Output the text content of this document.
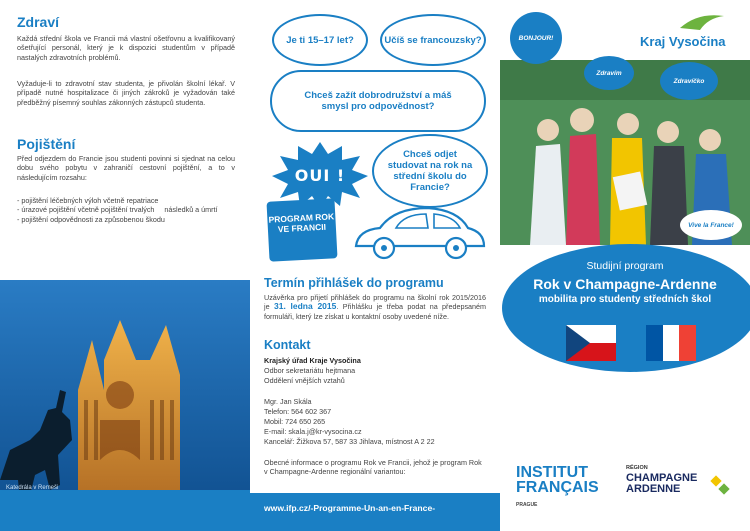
Zdraví

Každá střední škola ve Francii má vlastní ošetřovnu a kvalifikovaný ošetřující personál, který je k dispozici studentům v případě nastalých zdravotních problémů.

Vyžaduje-li to zdravotní stav studenta, je přivolán školní lékař. V případě nutné hospitalizace či jiných zákroků je vyžadován také předběžný písemný souhlas zákonných zástupců studenta.

Pojištění

Před odjezdem do Francie jsou studenti povinni si sjednat na celou dobu svého pobytu v zahraničí cestovní pojištění, a to v následujícím rozsahu:

- pojištění léčebných výloh včetně repatriace
- úrazové pojištění včetně pojištění trvalých     následků a úmrtí
- pojištění odpovědnosti za způsobenou škodu
Katedrála v Remeši
Je ti 15–17 let?	Učíš se francouzsky?
Chceš zažít dobrodružství a máš smysl pro odpovědnost?
Chceš odjet studovat na rok na střední školu do Francie?
OUI !
PROGRAM ROK VE FRANCII
Termín přihlášek do programu

Uzávěrka pro přijetí přihlášek do programu na školní rok 2015/2016 je 31. ledna 2015. Přihlášku je třeba podat na předepsaném formuláři, který lze získat u kontaktní osoby uvedené níže.

Kontakt
Krajský úřad Kraje Vysočina
Odbor sekretariátu hejtmana
Oddělení vnějších vztahů
Mgr. Jan Skála
Telefon: 564 602 367
Mobil: 724 650 265
E-mail: skala.j@kr-vysocina.cz
Kancelář: Žižkova 57, 587 33 Jihlava, místnost A 2 22
Obecné informace o programu Rok ve Francii, jehož je program Rok v Champagne-Ardenne regionální variantou:
www.ifp.cz/-Programme-Un-an-en-France-
Kraj Vysočina
BONJOUR!
Zdravím
Zdravíčko
Vive la France!
Studijní program
Rok v Champagne-Ardenne
mobilita pro studenty středních škol
INSTITUT
FRANÇAIS
PRAGUE
RÉGION
CHAMPAGNE
ARDENNE
